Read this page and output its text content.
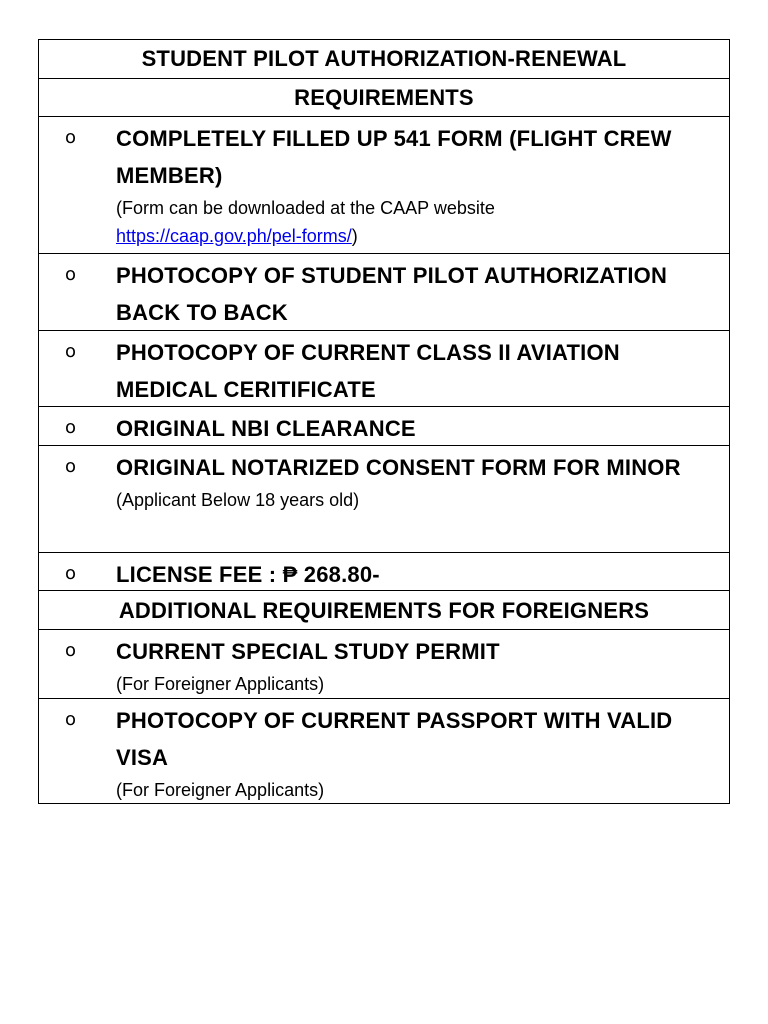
STUDENT PILOT AUTHORIZATION-RENEWAL
REQUIREMENTS
o COMPLETELY FILLED UP 541 FORM (FLIGHT CREW MEMBER)
(Form can be downloaded at the CAAP website
https://caap.gov.ph/pel-forms/)
o PHOTOCOPY OF STUDENT PILOT AUTHORIZATION BACK TO BACK
o PHOTOCOPY OF CURRENT CLASS II AVIATION MEDICAL CERITIFICATE
o ORIGINAL NBI CLEARANCE
o ORIGINAL NOTARIZED CONSENT FORM FOR MINOR
(Applicant Below 18 years old)
o LICENSE FEE : ₱ 268.80-
ADDITIONAL REQUIREMENTS FOR FOREIGNERS
o CURRENT SPECIAL STUDY PERMIT
(For Foreigner Applicants)
o PHOTOCOPY OF CURRENT PASSPORT WITH VALID VISA
(For Foreigner Applicants)
